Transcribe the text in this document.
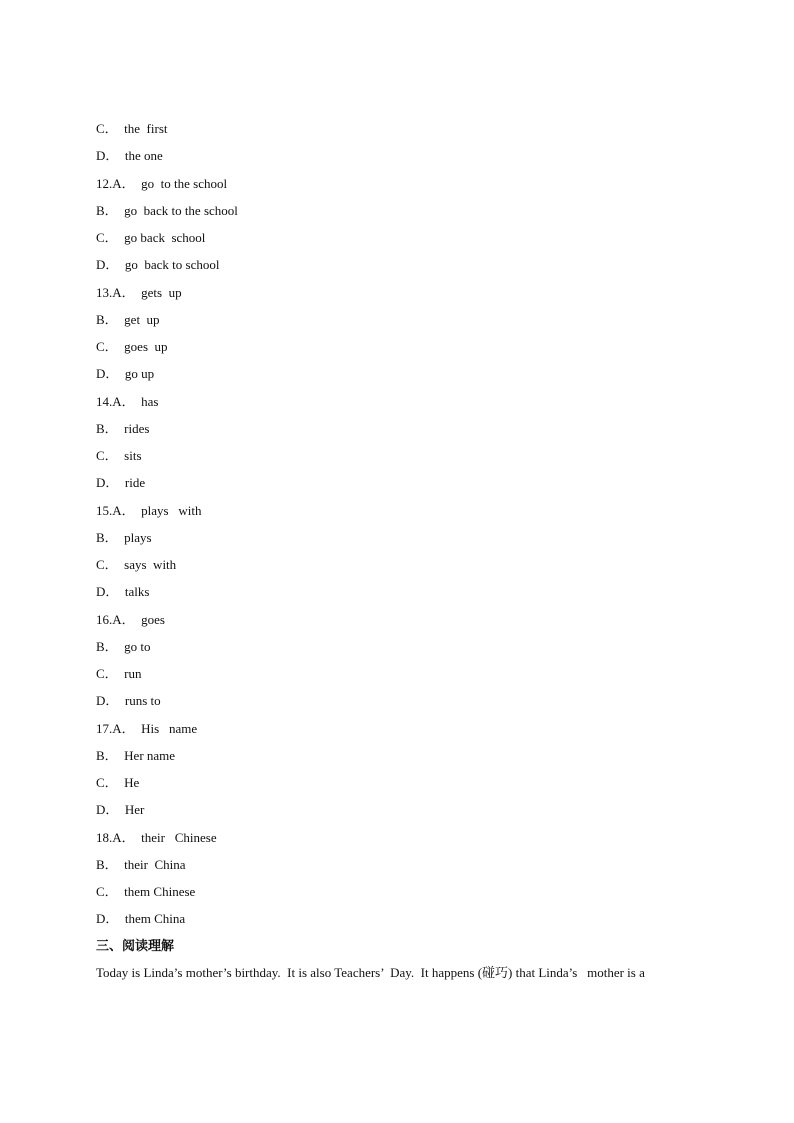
C．  the  first
D．  the one
12.A．  go  to the school
B．  go  back to the school
C．  go back  school
D．  go  back to school
13.A．  gets  up
B．  get  up
C．  goes  up
D．  go up
14.A．  has
B．  rides
C．  sits
D．  ride
15.A．  plays   with
B．  plays
C．  says  with
D．  talks
16.A．  goes
B．  go to
C．  run
D．  runs to
17.A．  His   name
B．  Her name
C．  He
D．  Her
18.A．  their   Chinese
B．  their  China
C．  them Chinese
D．  them China
三、阅读理解
Today is Linda’s mother’s birthday.  It is also Teachers’  Day.  It happens (碰巧) that Linda’s   mother is a
